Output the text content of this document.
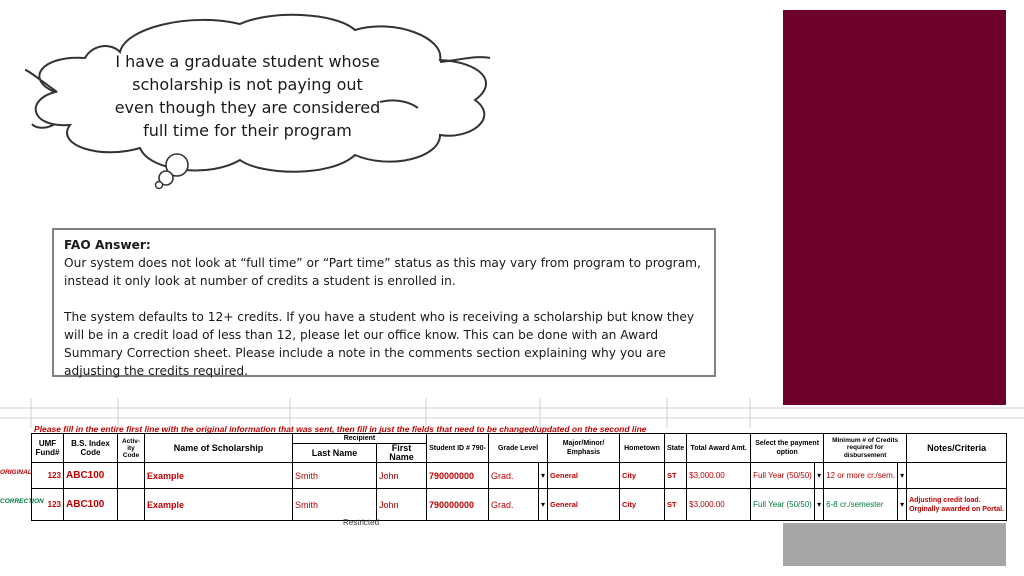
I have a graduate student whose
scholarship is not paying out
even though they are considered
full time for their program

FAO Answer:

Our system does not look at “full time” or “Part time” status as this may vary from program to program, instead it only look at number of credits a student is enrolled in.

The system defaults to 12+ credits. If you have a student who is receiving a scholarship but know they will be in a credit load of less than 12, please let our office know. This can be done with an Award Summary Correction sheet. Please include a note in the comments section explaining why you are adjusting the credits required.

Please fill in the entire first line with the original information that was sent, then fill in just the fields that need to be changed/updated on the second line
ORIGINAL
CORRECTION
UMF Fund#	B.S. Index Code	Activ-ity Code	Name of Scholarship	Recipient		Student ID # 790-	Grade Level		Major/Minor/ Emphasis	Hometown	State	Total Award Amt.	Select the payment option		Minimum # of Credits required for disbursement		Notes/Criteria
				Last Name	First Name												
123	ABC100		Example	Smith	John	790000000	Grad.	▾	General	City	ST	$3,000.00	Full Year (50/50)	▾	12 or more cr./sem.	▾	
123	ABC100		Example	Smith	John	790000000	Grad.	▾	General	City	ST	$3,000.00	Full Year (50/50)	▾	6-8 cr./semester	▾	Adjusting credit load. Orginally awarded on Portal.
Restricted
